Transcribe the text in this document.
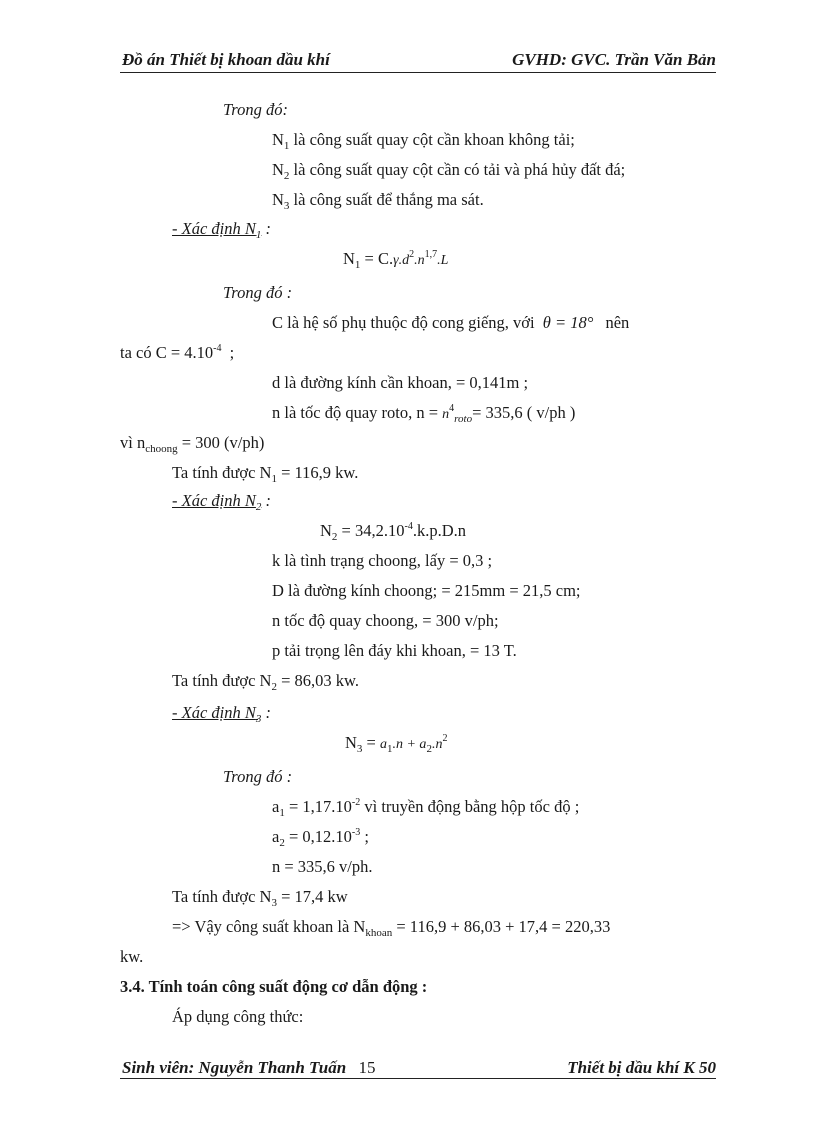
Đồ án Thiết bị khoan dầu khí	GVHD: GVC. Trần Văn Bản
Trong đó:
$N_1$ là công suất quay cột cần khoan không tải;
$N_2$ là công suất quay cột cần có tải và phá hủy đất đá;
$N_3$ là công suất để thắng ma sát.
- Xác định $N_1$ :
$N_1 = C.\gamma.d^2.n^{1,7}.L$
Trong đó :
C là hệ số phụ thuộc độ cong giếng, với θ = 18° nên
ta có $C = 4.10^{-4}$ ;
d là đường kính cần khoan, = 0,141m ;
n là tốc độ quay roto, $n = n^4_{roto}= 335,6$ ( v/ph )
vì $n_{choong} = 300$ (v/ph)
Ta tính được $N_1 = 116,9$ kw.
- Xác định $N_2$ :
$N_2 = 34,2.10^{-4}.k.p.D.n$
k là tình trạng choong, lấy = 0,3 ;
D là đường kính choong; = 215mm = 21,5 cm;
n tốc độ quay choong, = 300 v/ph;
p tải trọng lên đáy khi khoan, = 13 T.
Ta tính được $N_2 = 86,03$ kw.
- Xác định $N_3$ :
$N_3 = a_1.n + a_2.n^2$
Trong đó :
$a_1 = 1,17.10^{-2}$ vì truyền động bằng hộp tốc độ ;
$a_2 = 0,12.10^{-3}$ ;
n = 335,6 v/ph.
Ta tính được $N_3 = 17,4$ kw
=> Vậy công suất khoan là $N_{khoan} = 116,9 + 86,03 + 17,4 = 220,33$
kw.
3.4. Tính toán công suất động cơ dẫn động :
Áp dụng công thức:
Sinh viên: Nguyễn Thanh Tuấn 15	Thiết bị dầu khí K 50
